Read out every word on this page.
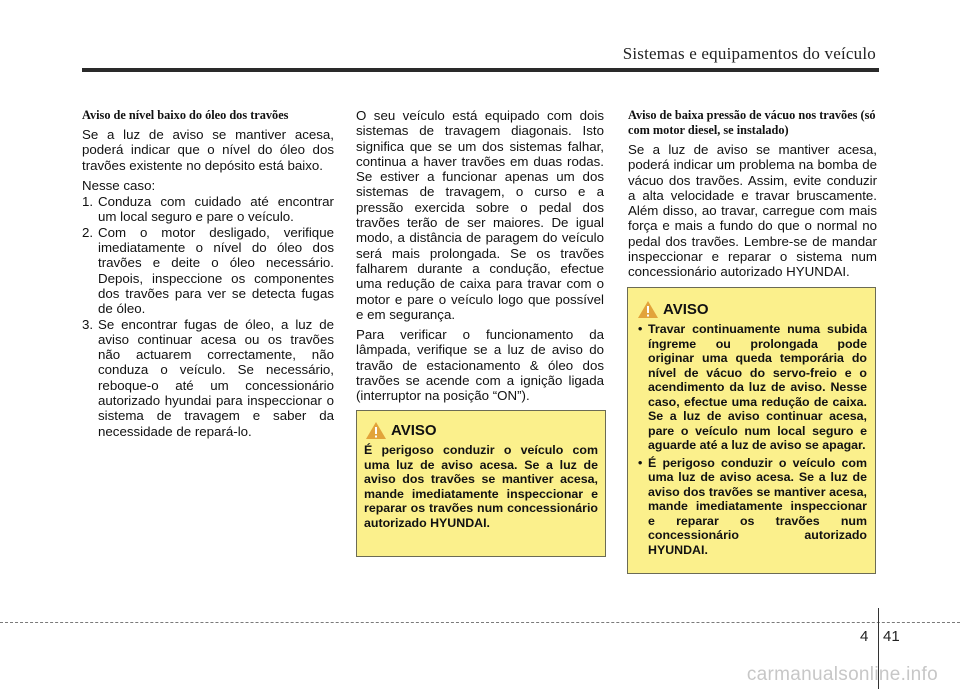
Sistemas e equipamentos do veículo
Aviso de nível baixo do óleo dos travões

Se a luz de aviso se mantiver acesa, poderá indicar que o nível do óleo dos travões existente no depósito está baixo.

Nesse caso:

1. Conduza com cuidado até encontrar um local seguro e pare o veículo.
2. Com o motor desligado, verifique imediatamente o nível do óleo dos travões e deite o óleo necessário. Depois, inspeccione os componentes dos travões para ver se detecta fugas de óleo.
3. Se encontrar fugas de óleo, a luz de aviso continuar acesa ou os travões não actuarem correctamente, não conduza o veículo. Se necessário, reboque-o até um concessionário autorizado hyundai para inspeccionar o sistema de travagem e saber da necessidade de repará-lo.

O seu veículo está equipado com dois sistemas de travagem diagonais. Isto significa que se um dos sistemas falhar, continua a haver travões em duas rodas. Se estiver a funcionar apenas um dos sistemas de travagem, o curso e a pressão exercida sobre o pedal dos travões terão de ser maiores. De igual modo, a distância de paragem do veículo será mais prolongada. Se os travões falharem durante a condução, efectue uma redução de caixa para travar com o motor e pare o veículo logo que possível e em segurança.

Para verificar o funcionamento da lâmpada, verifique se a luz de aviso do travão de estacionamento & óleo dos travões se acende com a ignição ligada (interruptor na posição “ON”).

AVISO

É perigoso conduzir o veículo com uma luz de aviso acesa. Se a luz de aviso dos travões se mantiver acesa, mande imediatamente inspeccionar e reparar os travões num concessionário autorizado HYUNDAI.

Aviso de baixa pressão de vácuo nos travões (só com motor diesel, se instalado)

Se a luz de aviso se mantiver acesa, poderá indicar um problema na bomba de vácuo dos travões. Assim, evite conduzir a alta velocidade e travar bruscamente. Além disso, ao travar, carregue com mais força e mais a fundo do que o normal no pedal dos travões. Lembre-se de mandar inspeccionar e reparar o sistema num concessionário autorizado HYUNDAI.

AVISO
• Travar continuamente numa subida íngreme ou prolongada pode originar uma queda temporária do nível de vácuo do servo-freio e o acendimento da luz de aviso. Nesse caso, efectue uma redução de caixa. Se a luz de aviso continuar acesa, pare o veículo num local seguro e aguarde até a luz de aviso se apagar.
• É perigoso conduzir o veículo com uma luz de aviso acesa. Se a luz de aviso dos travões se mantiver acesa, mande imediatamente inspeccionar e reparar os travões num concessionário autorizado HYUNDAI.
4 41
carmanualsonline.info
